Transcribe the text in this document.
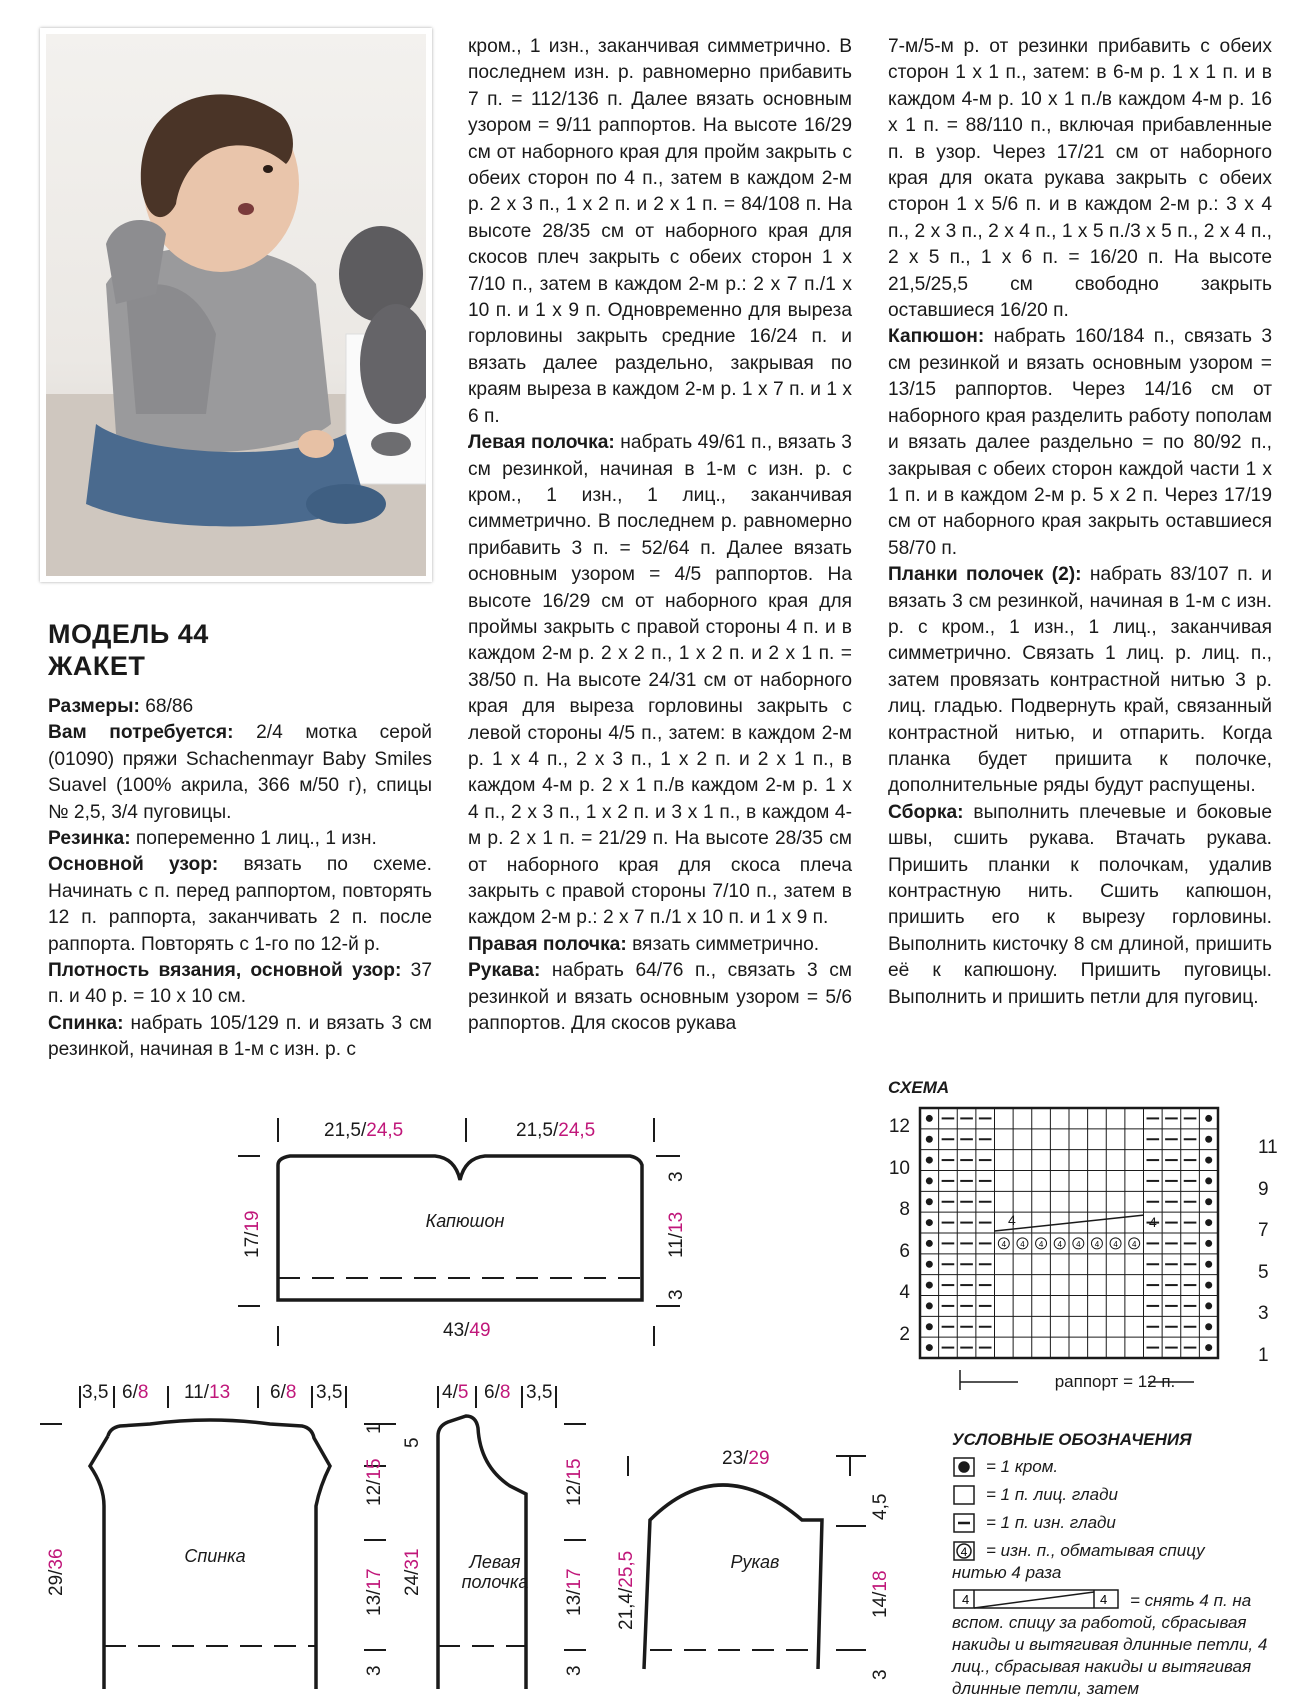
МОДЕЛЬ 44
ЖАКЕТ

Размеры: 68/86

Вам потребуется: 2/4 мотка серой (01090) пряжи Schachenmayr Baby Smiles Suavel (100% акрила, 366 м/50 г), спицы № 2,5, 3/4 пуговицы.

Резинка: попеременно 1 лиц., 1 изн.

Основной узор: вязать по схеме. Начинать с п. перед раппортом, повторять 12 п. раппорта, заканчивать 2 п. после раппорта. Повторять с 1-го по 12-й р.

Плотность вязания, основной узор: 37 п. и 40 р. = 10 х 10 см.

Спинка: набрать 105/129 п. и вязать 3 см резинкой, начиная в 1-м с изн. р. с

кром., 1 изн., заканчивая симметрично. В последнем изн. р. равномерно прибавить 7 п. = 112/136 п. Далее вязать основным узором = 9/11 раппортов. На высоте 16/29 см от наборного края для пройм закрыть с обеих сторон по 4 п., затем в каждом 2-м р. 2 х 3 п., 1 х 2 п. и 2 х 1 п. = 84/108 п. На высоте 28/35 см от наборного края для скосов плеч закрыть с обеих сторон 1 х 7/10 п., затем в каждом 2-м р.: 2 х 7 п./1 х 10 п. и 1 х 9 п. Одновременно для выреза горловины закрыть средние 16/24 п. и вязать далее раздельно, закрывая по краям выреза в каждом 2-м р. 1 х 7 п. и 1 х 6 п.

Левая полочка: набрать 49/61 п., вязать 3 см резинкой, начиная в 1-м с изн. р. с кром., 1 изн., 1 лиц., заканчивая симметрично. В последнем р. равномерно прибавить 3 п. = 52/64 п. Далее вязать основным узором = 4/5 раппортов. На высоте 16/29 см от наборного края для проймы закрыть с правой стороны 4 п. и в каждом 2-м р. 2 х 2 п., 1 х 2 п. и 2 х 1 п. = 38/50 п. На высоте 24/31 см от наборного края для выреза горловины закрыть с левой стороны 4/5 п., затем: в каждом 2-м р. 1 х 4 п., 2 х 3 п., 1 х 2 п. и 2 х 1 п., в каждом 4-м р. 2 х 1 п./в каждом 2-м р. 1 х 4 п., 2 х 3 п., 1 х 2 п. и 3 х 1 п., в каждом 4-м р. 2 х 1 п. = 21/29 п. На высоте 28/35 см от наборного края для скоса плеча закрыть с правой стороны 7/10 п., затем в каждом 2-м р.: 2 х 7 п./1 х 10 п. и 1 х 9 п.

Правая полочка: вязать симметрично.

Рукава: набрать 64/76 п., связать 3 см резинкой и вязать основным узором = 5/6 раппортов. Для скосов рукава

7-м/5-м р. от резинки прибавить с обеих сторон 1 х 1 п., затем: в 6-м р. 1 х 1 п. и в каждом 4-м р. 10 х 1 п./в каждом 4-м р. 16 х 1 п. = 88/110 п., включая прибавленные п. в узор. Через 17/21 см от наборного края для оката рукава закрыть с обеих сторон 1 х 5/6 п. и в каждом 2-м р.: 3 х 4 п., 2 х 3 п., 2 х 4 п., 1 х 5 п./3 х 5 п., 2 х 4 п., 2 х 5 п., 1 х 6 п. = 16/20 п. На высоте 21,5/25,5 см свободно закрыть оставшиеся 16/20 п.

Капюшон: набрать 160/184 п., связать 3 см резинкой и вязать основным узором = 13/15 раппортов. Через 14/16 см от наборного края разделить работу пополам и вязать далее раздельно = по 80/92 п., закрывая с обеих сторон каждой части 1 х 1 п. и в каждом 2-м р. 5 х 2 п. Через 17/19 см от наборного края закрыть оставшиеся 58/70 п.

Планки полочек (2): набрать 83/107 п. и вязать 3 см резинкой, начиная в 1-м с изн. р. с кром., 1 изн., 1 лиц., заканчивая симметрично. Связать 1 лиц. р. лиц. п., затем провязать контрастной нитью 3 р. лиц. гладью. Подвернуть край, связанный контрастной нитью, и отпарить. Когда планка будет пришита к полочке, дополнительные ряды будут распущены.

Сборка: выполнить плечевые и боковые швы, сшить рукава. Втачать рукава. Пришить планки к полочкам, удалив контрастную нить. Сшить капюшон, пришить его к вырезу горловины. Выполнить кисточку 8 см длиной, пришить её к капюшону. Пришить пуговицы. Выполнить и пришить петли для пуговиц.

Капюшон
21,5/24,5	21,5/24,5
43/49
17/19
3
11/13
3
Спинка
3,5 6/8 11/13 6/8 3,5
29/36
1
12/15
13/17
3
Левая
полочка
4/5 6/8 3,5
5
24/31
12/15
13/17
3
Рукав
23/29
21,4/25,5
4,5
14/18
3
СХЕМА
4 4 4 4 4 4 4 4
12
10
8
6
4
2
11
9
7
5
3
1
4	4
раппорт = 12 п.
УСЛОВНЫЕ ОБОЗНАЧЕНИЯ
4
= 1 кром.
= 1 п. лиц. глади
= 1 п. изн. глади
= изн. п., обматывая спицу нитью 4 раза
4	4	= снять 4 п. на вспом. спицу за работой, сбрасывая накиды и вытягивая длинные петли, 4 лиц., сбрасывая накиды и вытягивая длинные петли, затем
